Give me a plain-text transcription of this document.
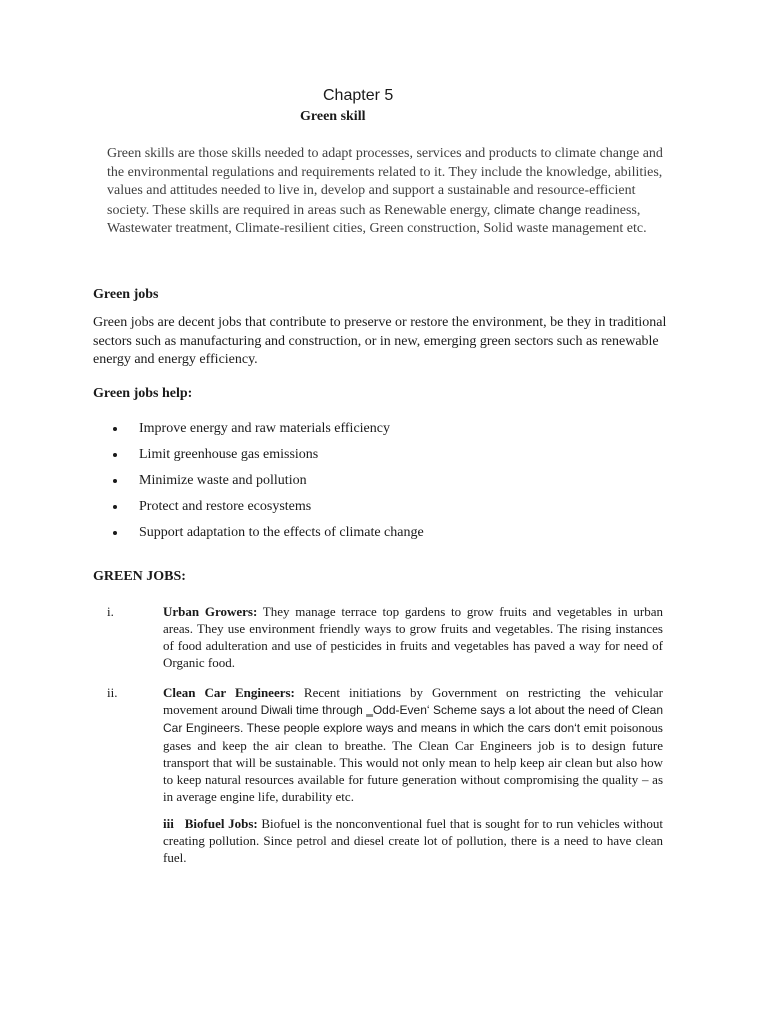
Chapter 5
Green skill

Green skills are those skills needed to adapt processes, services and products to climate change and the environmental regulations and requirements related to it. They include the knowledge, abilities, values and attitudes needed to live in, develop and support a sustainable and resource-efficient society. These skills are required in areas such as Renewable energy, climate change readiness, Wastewater treatment, Climate-resilient cities, Green construction, Solid waste management etc.

Green jobs

Green jobs are decent jobs that contribute to preserve or restore the environment, be they in traditional sectors such as manufacturing and construction, or in new, emerging green sectors such as renewable energy and energy efficiency.

Green jobs help:
Improve energy and raw materials efficiency
Limit greenhouse gas emissions
Minimize waste and pollution
Protect and restore ecosystems
Support adaptation to the effects of climate change
GREEN JOBS:
i.	Urban Growers: They manage terrace top gardens to grow fruits and vegetables in urban areas. They use environment friendly ways to grow fruits and vegetables. The rising instances of food adulteration and use of pesticides in fruits and vegetables has paved a way for need of Organic food.
ii.	Clean Car Engineers: Recent initiations by Government on restricting the vehicular movement around Diwali time through ‗Odd-Even‘ Scheme says a lot about the need of Clean Car Engineers. These people explore ways and means in which the cars don‘t emit poisonous gases and keep the air clean to breathe. The Clean Car Engineers job is to design future transport that will be sustainable. This would not only mean to help keep air clean but also how to keep natural resources available for future generation without compromising the quality – as in average engine life, durability etc.
iii Biofuel Jobs: Biofuel is the nonconventional fuel that is sought for to run vehicles without creating pollution. Since petrol and diesel create lot of pollution, there is a need to have clean fuel.
